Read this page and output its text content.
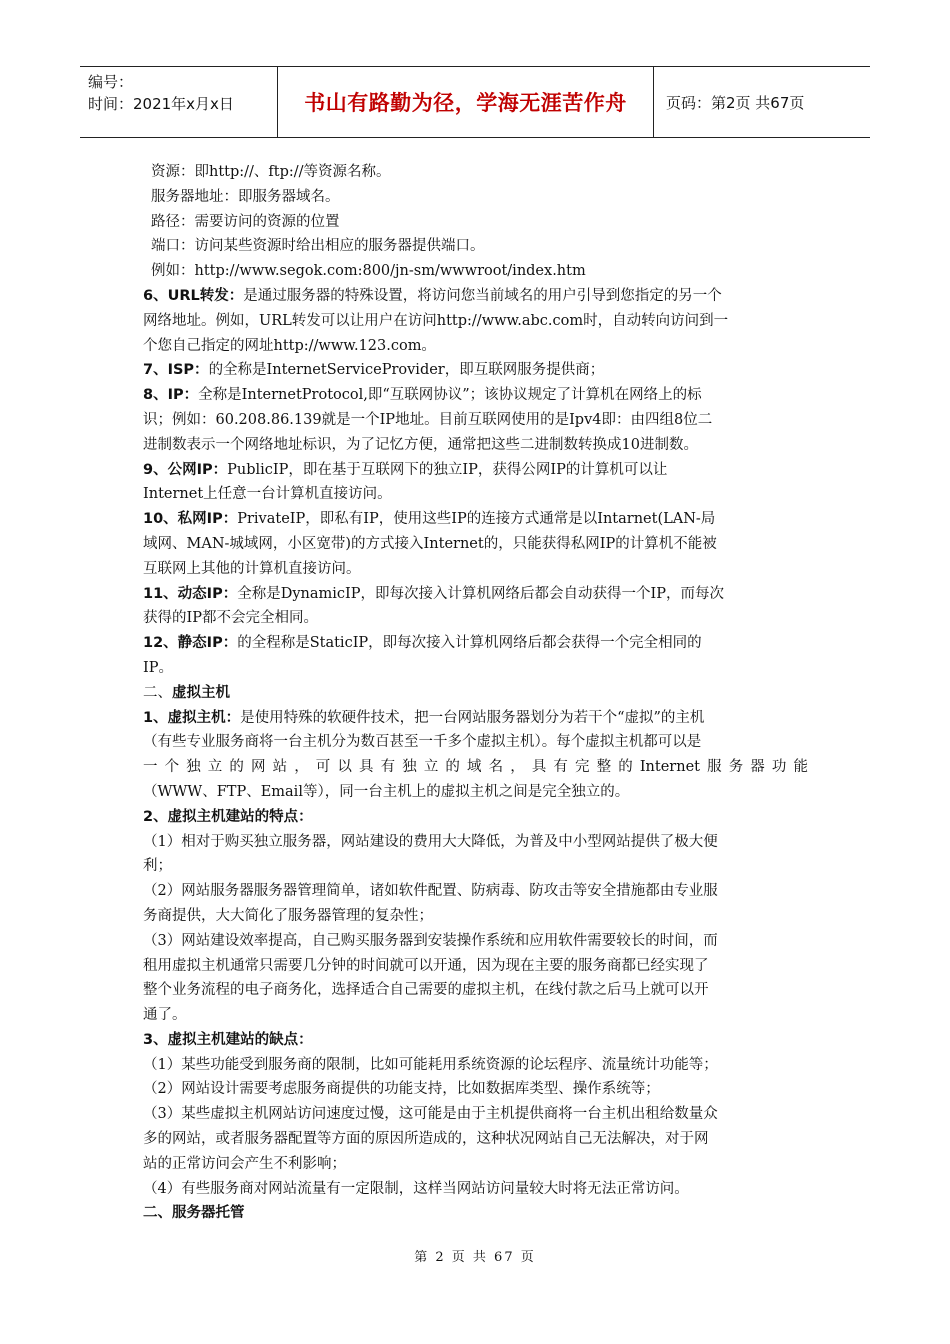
编号：
时间：2021年x月x日	书山有路勤为径，学海无涯苦作舟	页码：第2页 共67页
资源：即http://、ftp://等资源名称。
服务器地址：即服务器域名。
路径：需要访问的资源的位置
端口：访问某些资源时给出相应的服务器提供端口。
例如：http://www.segok.com:800/jn-sm/wwwroot/index.htm
6、URL转发：是通过服务器的特殊设置，将访问您当前域名的用户引导到您指定的另一个
网络地址。例如，URL转发可以让用户在访问http://www.abc.com时，自动转向访问到一
个您自己指定的网址http://www.123.com。
7、ISP：的全称是InternetServiceProvider，即互联网服务提供商；
8、IP：全称是InternetProtocol,即“互联网协议”；该协议规定了计算机在网络上的标
识；例如：60.208.86.139就是一个IP地址。目前互联网使用的是Ipv4即：由四组8位二
进制数表示一个网络地址标识，为了记忆方便，通常把这些二进制数转换成10进制数。
9、公网IP：PublicIP，即在基于互联网下的独立IP，获得公网IP的计算机可以让
Internet上任意一台计算机直接访问。
10、私网IP：PrivateIP，即私有IP，使用这些IP的连接方式通常是以Intarnet(LAN-局
域网、MAN-城域网，小区宽带)的方式接入Internet的，只能获得私网IP的计算机不能被
互联网上其他的计算机直接访问。
11、动态IP：全称是DynamicIP，即每次接入计算机网络后都会自动获得一个IP，而每次
获得的IP都不会完全相同。
12、静态IP：的全程称是StaticIP，即每次接入计算机网络后都会获得一个完全相同的
IP。
二、虚拟主机
1、虚拟主机：是使用特殊的软硬件技术，把一台网站服务器划分为若干个“虚拟”的主机
（有些专业服务商将一台主机分为数百甚至一千多个虚拟主机）。每个虚拟主机都可以是
一个独立的网站，可以具有独立的域名，具有完整的Internet服务器功能
（WWW、FTP、Email等），同一台主机上的虚拟主机之间是完全独立的。
2、虚拟主机建站的特点：
（1）相对于购买独立服务器，网站建设的费用大大降低，为普及中小型网站提供了极大便
利；
（2）网站服务器服务器管理简单，诸如软件配置、防病毒、防攻击等安全措施都由专业服
务商提供，大大简化了服务器管理的复杂性；
（3）网站建设效率提高，自己购买服务器到安装操作系统和应用软件需要较长的时间，而
租用虚拟主机通常只需要几分钟的时间就可以开通，因为现在主要的服务商都已经实现了
整个业务流程的电子商务化，选择适合自己需要的虚拟主机，在线付款之后马上就可以开
通了。
3、虚拟主机建站的缺点：
（1）某些功能受到服务商的限制，比如可能耗用系统资源的论坛程序、流量统计功能等；
（2）网站设计需要考虑服务商提供的功能支持，比如数据库类型、操作系统等；
（3）某些虚拟主机网站访问速度过慢，这可能是由于主机提供商将一台主机出租给数量众
多的网站，或者服务器配置等方面的原因所造成的，这种状况网站自己无法解决，对于网
站的正常访问会产生不利影响；
（4）有些服务商对网站流量有一定限制，这样当网站访问量较大时将无法正常访问。
二、服务器托管
第 2 页 共 67 页
